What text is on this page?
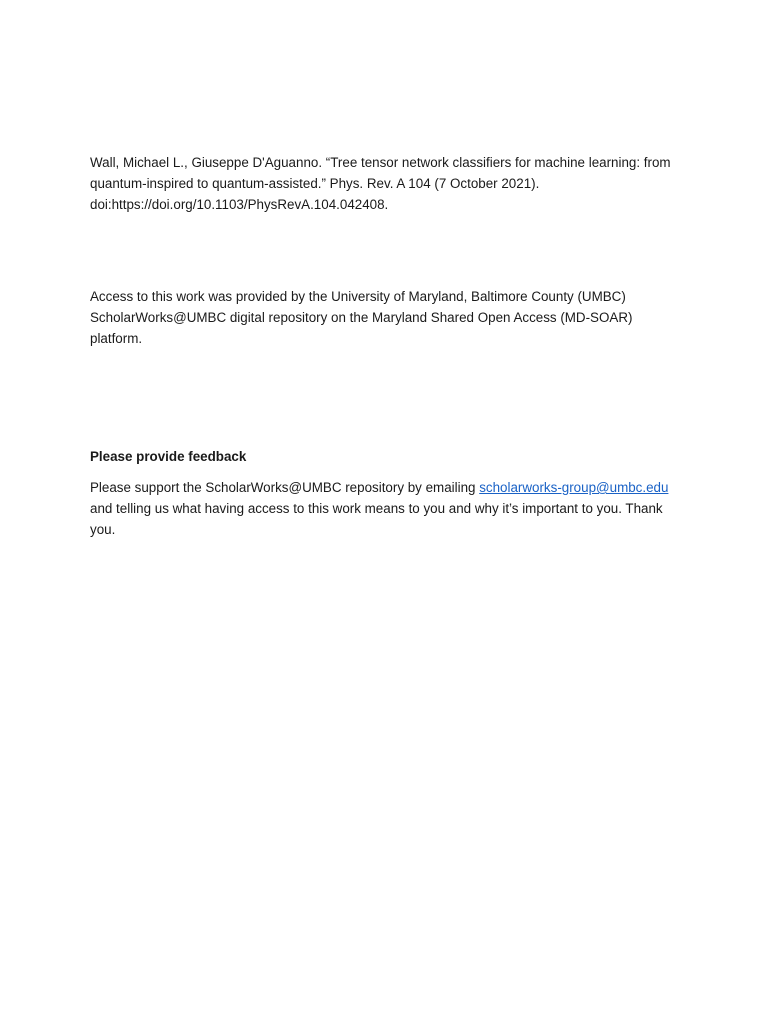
Wall, Michael L., Giuseppe D'Aguanno. “Tree tensor network classifiers for machine learning: from quantum-inspired to quantum-assisted.” Phys. Rev. A 104 (7 October 2021). doi:https://doi.org/10.1103/PhysRevA.104.042408.

Access to this work was provided by the University of Maryland, Baltimore County (UMBC) ScholarWorks@UMBC digital repository on the Maryland Shared Open Access (MD-SOAR) platform.

Please provide feedback

Please support the ScholarWorks@UMBC repository by emailing scholarworks-group@umbc.edu and telling us what having access to this work means to you and why it’s important to you. Thank you.
